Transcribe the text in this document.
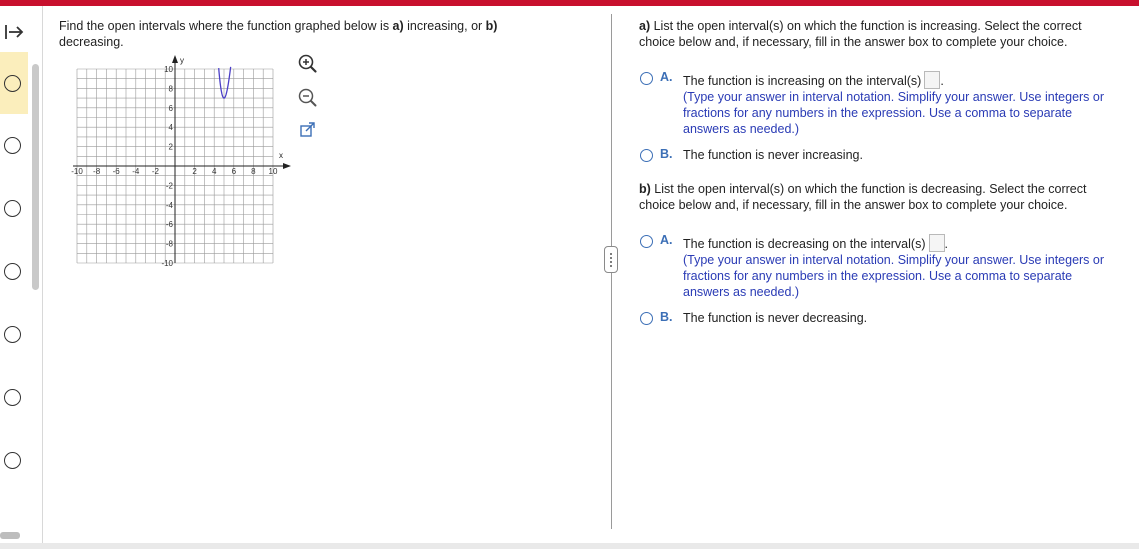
Find the open intervals where the function graphed below is a) increasing, or b)
decreasing.
x
y
-10 -8 -6 -4 -2	2 4 6 8 10
10
8
6
4
2
-2
-4
-6
-8
-10
a) List the open interval(s) on which the function is increasing. Select the correct choice below and, if necessary, fill in the answer box to complete your choice.
A. The function is increasing on the interval(s) .
(Type your answer in interval notation. Simplify your answer. Use integers or fractions for any numbers in the expression. Use a comma to separate answers as needed.)
B. The function is never increasing.
b) List the open interval(s) on which the function is decreasing. Select the correct choice below and, if necessary, fill in the answer box to complete your choice.
A. The function is decreasing on the interval(s) .
(Type your answer in interval notation. Simplify your answer. Use integers or fractions for any numbers in the expression. Use a comma to separate answers as needed.)
B. The function is never decreasing.
